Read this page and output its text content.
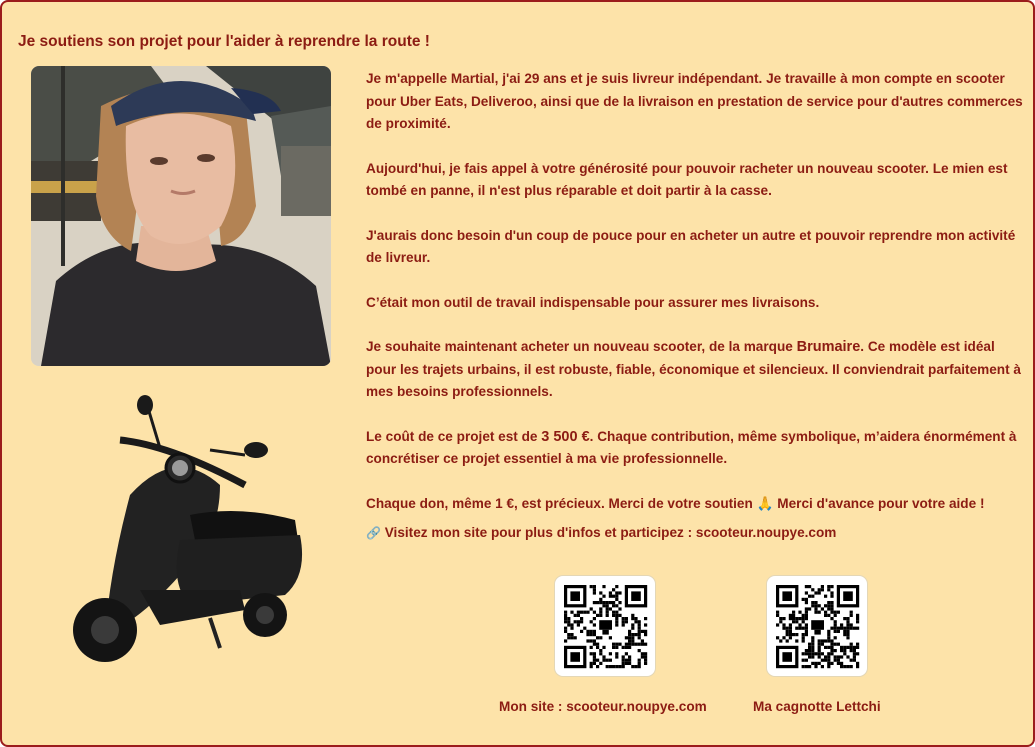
Je soutiens son projet pour l'aider à reprendre la route !

Je m'appelle Martial, j'ai 29 ans et je suis livreur indépendant. Je travaille à mon compte en scooter pour Uber Eats, Deliveroo, ainsi que de la livraison en prestation de service pour d'autres commerces de proximité.

Aujourd'hui, je fais appel à votre générosité pour pouvoir racheter un nouveau scooter. Le mien est tombé en panne, il n'est plus réparable et doit partir à la casse.

J'aurais donc besoin d'un coup de pouce pour en acheter un autre et pouvoir reprendre mon activité de livreur.

C’était mon outil de travail indispensable pour assurer mes livraisons.

Je souhaite maintenant acheter un nouveau scooter, de la marque Brumaire. Ce modèle est idéal pour les trajets urbains, il est robuste, fiable, économique et silencieux. Il conviendrait parfaitement à mes besoins professionnels.

Le coût de ce projet est de 3 500 €. Chaque contribution, même symbolique, m’aidera énormément à concrétiser ce projet essentiel à ma vie professionnelle.

Chaque don, même 1 €, est précieux. Merci de votre soutien 🙏 Merci d'avance pour votre aide !

🔗 Visitez mon site pour plus d'infos et participez : scooteur.noupye.com
Mon site : scooteur.noupye.com	Ma cagnotte Lettchi
